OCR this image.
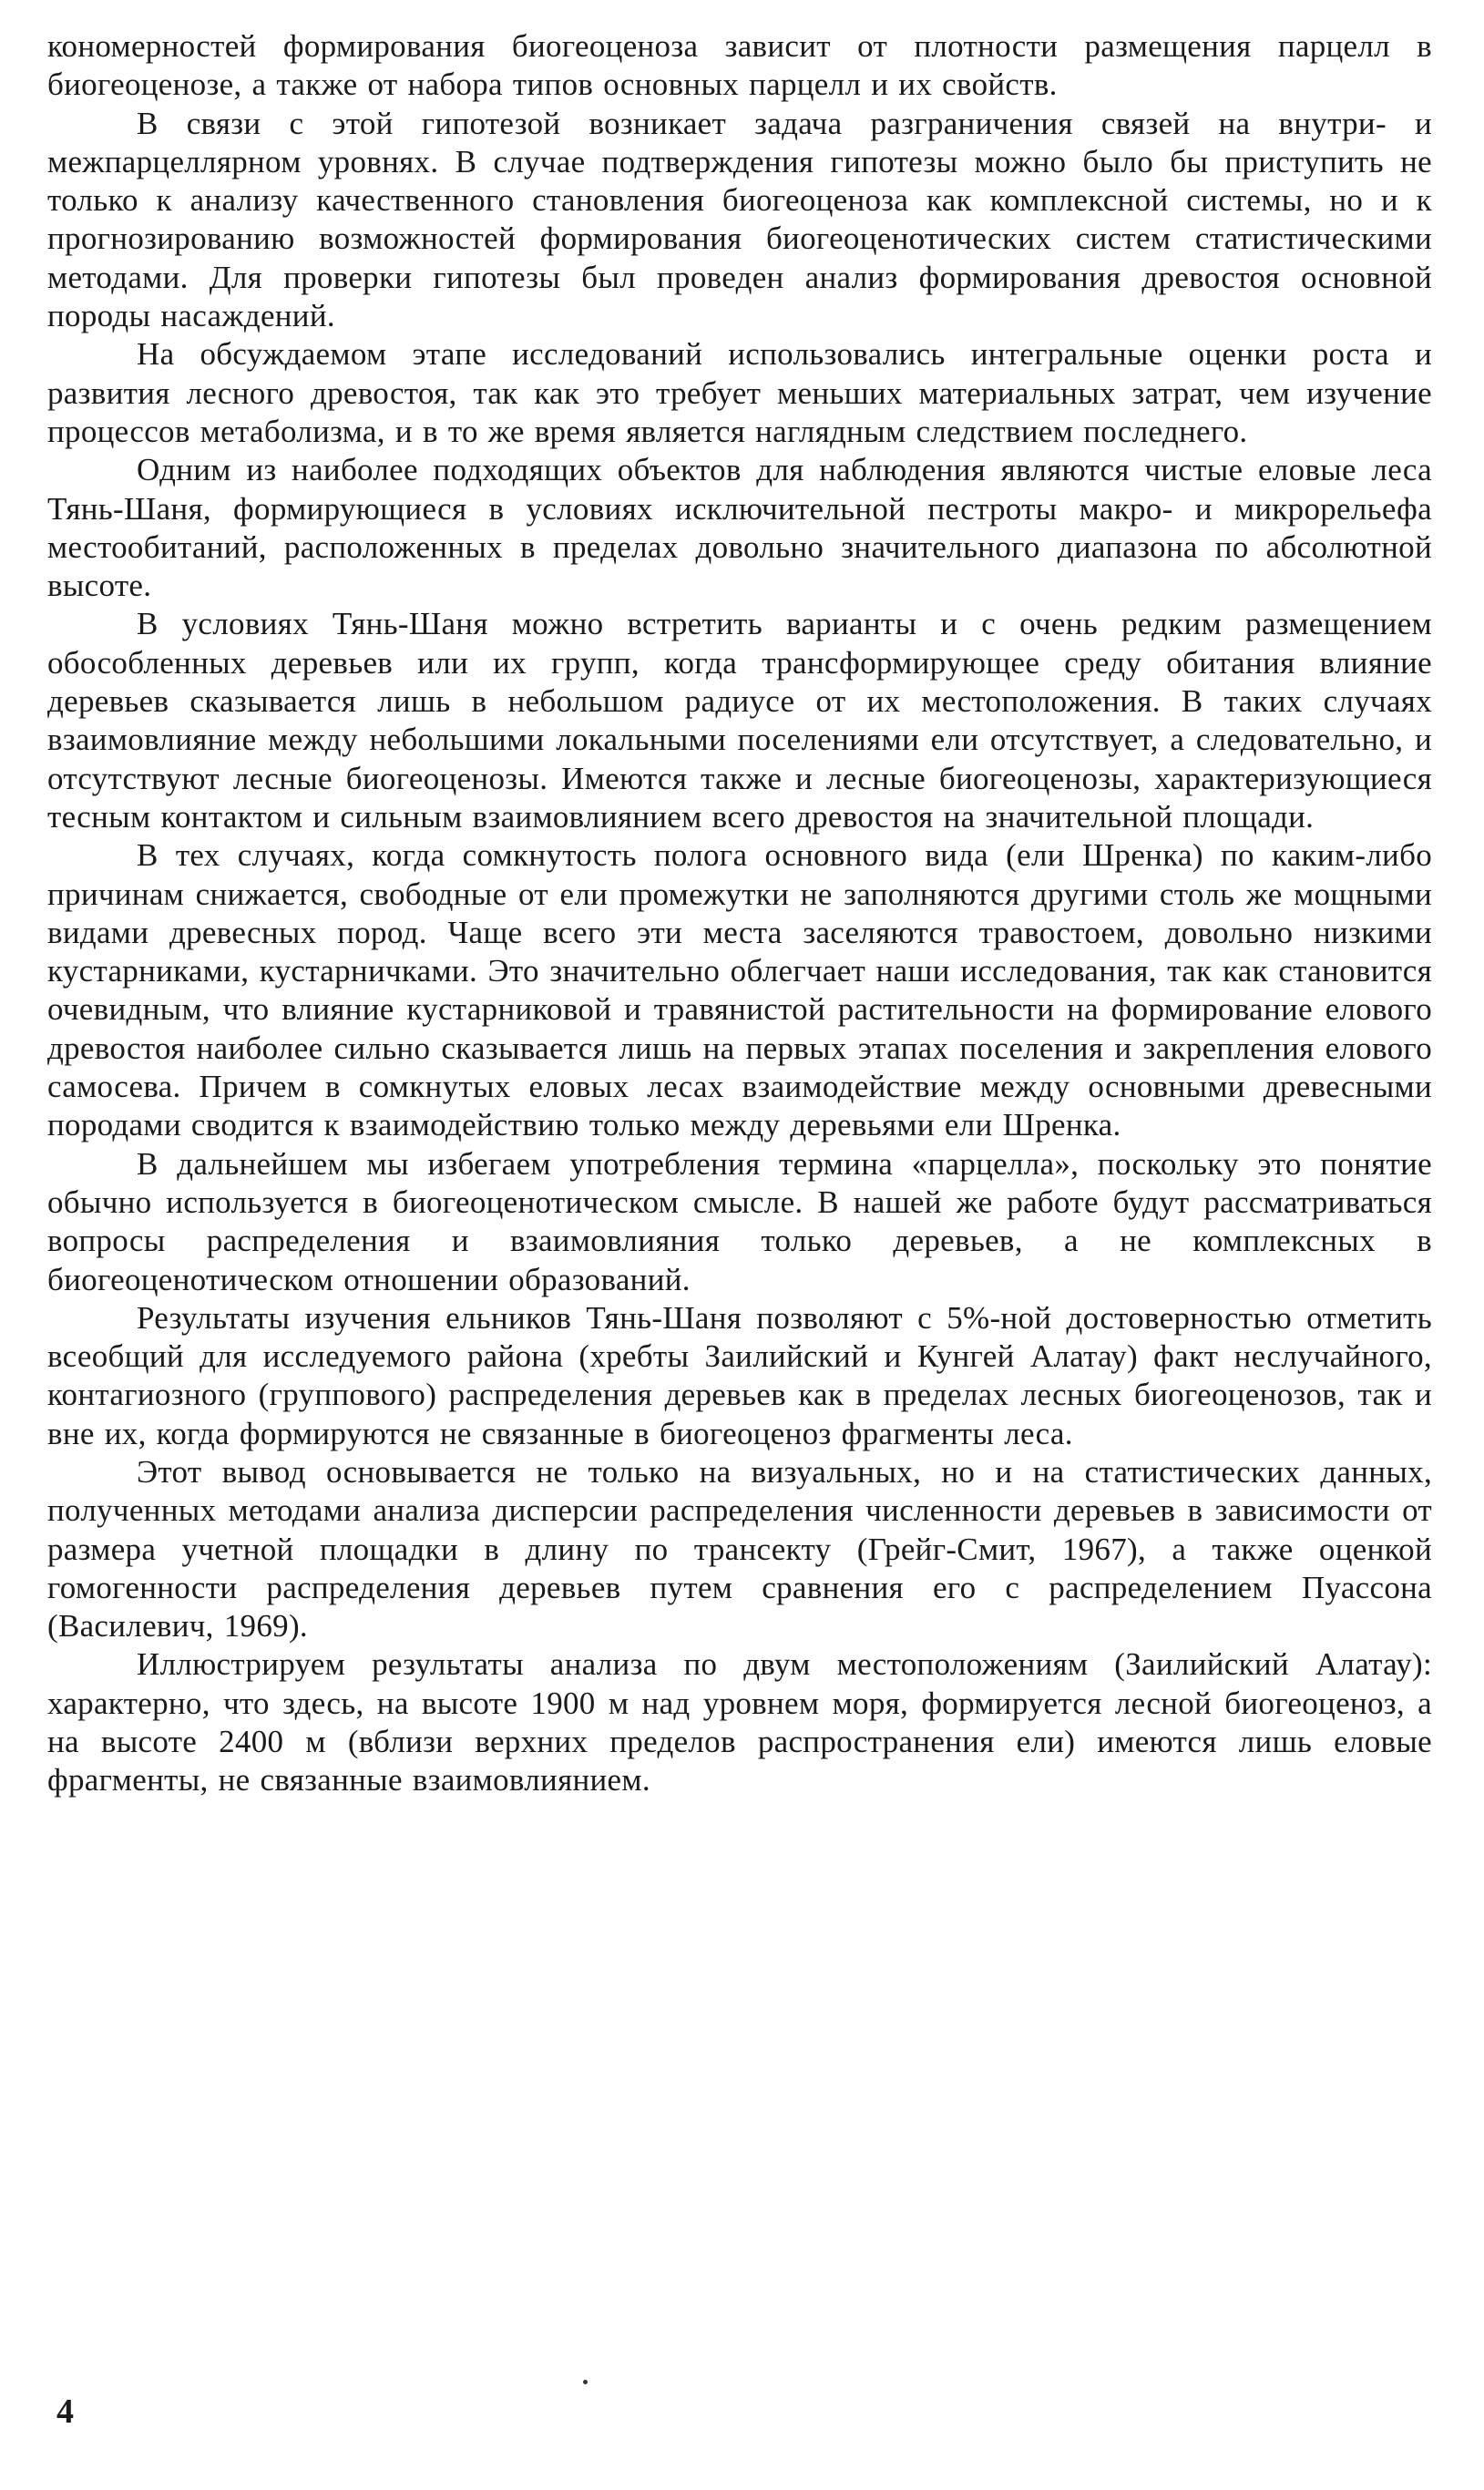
кономерностей формирования биогеоценоза зависит от плотности размещения парцелл в биогеоценозе, а также от набора типов основных парцелл и их свойств.

В связи с этой гипотезой возникает задача разграничения связей на внутри- и межпарцеллярном уровнях. В случае подтверждения гипотезы можно было бы приступить не только к анализу качественного становления биогеоценоза как комплексной системы, но и к прогнозированию возможностей формирования биогеоценотических систем статистическими методами. Для проверки гипотезы был проведен анализ формирования древостоя основной породы насаждений.

На обсуждаемом этапе исследований использовались интегральные оценки роста и развития лесного древостоя, так как это требует меньших материальных затрат, чем изучение процессов метаболизма, и в то же время является наглядным следствием последнего.

Одним из наиболее подходящих объектов для наблюдения являются чистые еловые леса Тянь-Шаня, формирующиеся в условиях исключительной пестроты макро- и микрорельефа местообитаний, расположенных в пределах довольно значительного диапазона по абсолютной высоте.

В условиях Тянь-Шаня можно встретить варианты и с очень редким размещением обособленных деревьев или их групп, когда трансформирующее среду обитания влияние деревьев сказывается лишь в небольшом радиусе от их местоположения. В таких случаях взаимовлияние между небольшими локальными поселениями ели отсутствует, а следовательно, и отсутствуют лесные биогеоценозы. Имеются также и лесные биогеоценозы, характеризующиеся тесным контактом и сильным взаимовлиянием всего древостоя на значительной площади.

В тех случаях, когда сомкнутость полога основного вида (ели Шренка) по каким-либо причинам снижается, свободные от ели промежутки не заполняются другими столь же мощными видами древесных пород. Чаще всего эти места заселяются травостоем, довольно низкими кустарниками, кустарничками. Это значительно облегчает наши исследования, так как становится очевидным, что влияние кустарниковой и травянистой растительности на формирование елового древостоя наиболее сильно сказывается лишь на первых этапах поселения и закрепления елового самосева. Причем в сомкнутых еловых лесах взаимодействие между основными древесными породами сводится к взаимодействию только между деревьями ели Шренка.

В дальнейшем мы избегаем употребления термина «парцелла», поскольку это понятие обычно используется в биогеоценотическом смысле. В нашей же работе будут рассматриваться вопросы распределения и взаимовлияния только деревьев, а не комплексных в биогеоценотическом отношении образований.

Результаты изучения ельников Тянь-Шаня позволяют с 5%-ной достоверностью отметить всеобщий для исследуемого района (хребты Заилийский и Кунгей Алатау) факт неслучайного, контагиозного (группового) распределения деревьев как в пределах лесных биогеоценозов, так и вне их, когда формируются не связанные в биогеоценоз фрагменты леса.

Этот вывод основывается не только на визуальных, но и на статистических данных, полученных методами анализа дисперсии распределения численности деревьев в зависимости от размера учетной площадки в длину по трансекту (Грейг-Смит, 1967), а также оценкой гомогенности распределения деревьев путем сравнения его с распределением Пуассона (Василевич, 1969).

Иллюстрируем результаты анализа по двум местоположениям (Заилийский Алатау): характерно, что здесь, на высоте 1900 м над уровнем моря, формируется лесной биогеоценоз, а на высоте 2400 м (вблизи верхних пределов распространения ели) имеются лишь еловые фрагменты, не связанные взаимовлиянием.

4
